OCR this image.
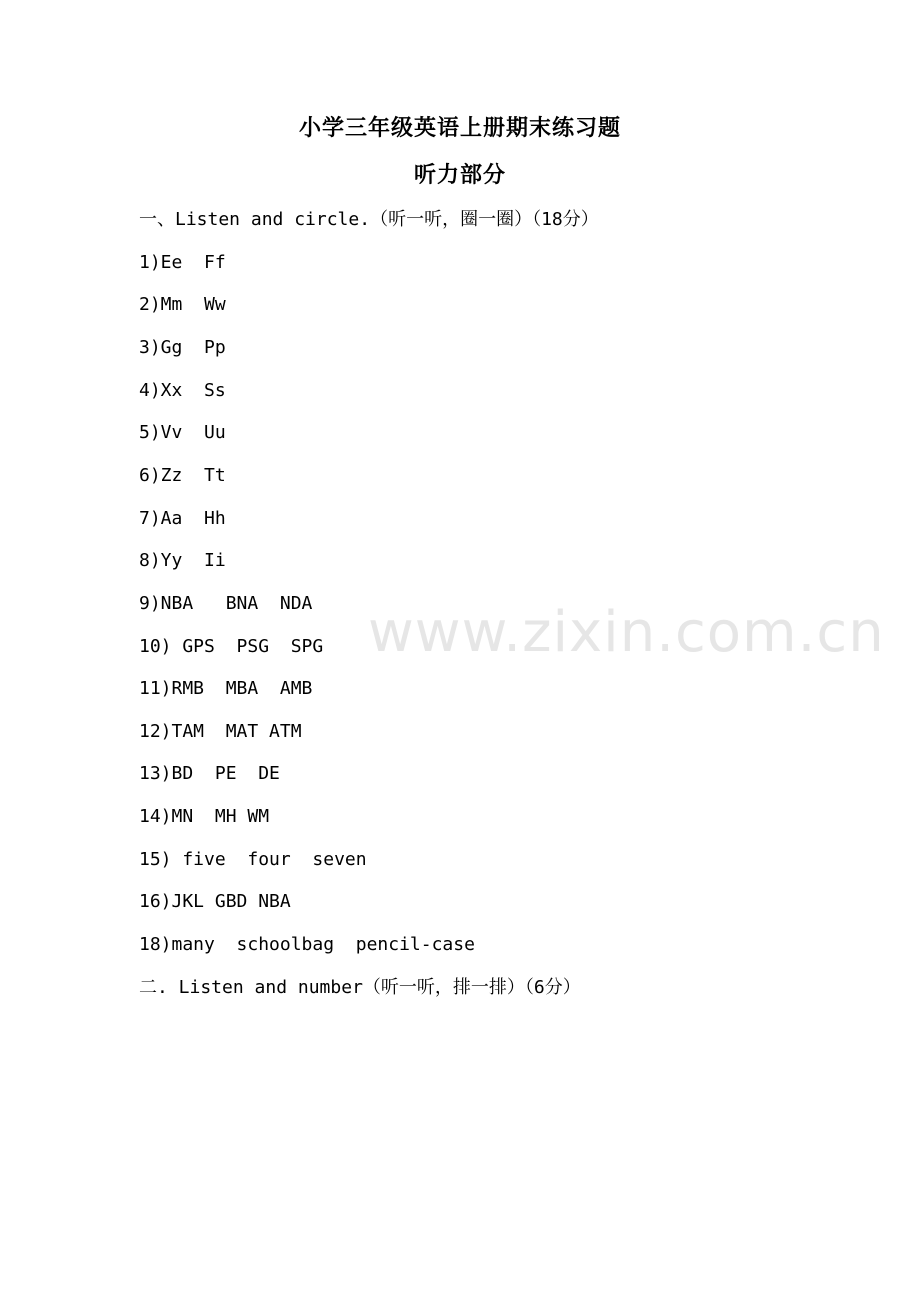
www.zixin.com.cn
小学三年级英语上册期末练习题
听力部分
一、Listen and circle.（听一听，圈一圈）（18分）
1)Ee  Ff
2)Mm  Ww
3)Gg  Pp
4)Xx  Ss
5)Vv  Uu
6)Zz  Tt
7)Aa  Hh
8)Yy  Ii
9)NBA   BNA  NDA
10) GPS  PSG  SPG
11)RMB  MBA  AMB
12)TAM  MAT ATM
13)BD  PE  DE
14)MN  MH WM
15) five  four  seven
16)JKL GBD NBA
18)many  schoolbag  pencil-case
二. Listen and number（听一听，排一排）（6分）
